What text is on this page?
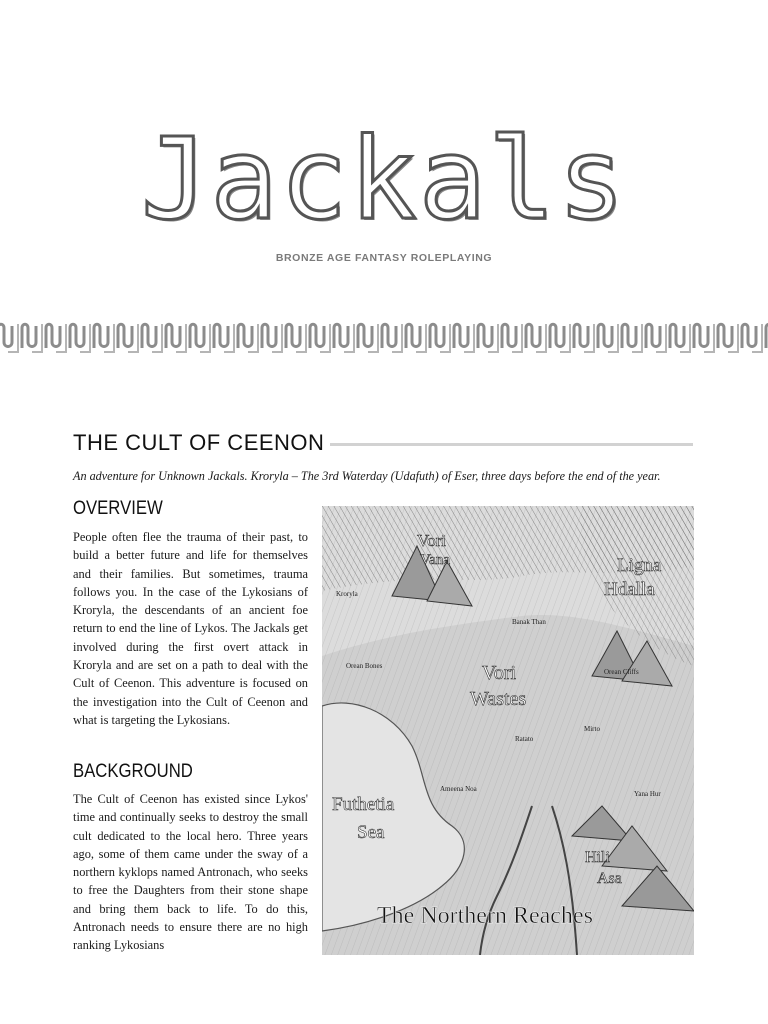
Jackals
BRONZE AGE FANTASY ROLEPLAYING
THE CULT OF CEENON
An adventure for Unknown Jackals. Kroryla – The 3rd Waterday (Udafuth) of Eser, three days before the end of the year.
OVERVIEW

People often flee the trauma of their past, to build a better future and life for themselves and their families. But sometimes, trauma follows you. In the case of the Lykosians of Kroryla, the descendants of an ancient foe return to end the line of Lykos. The Jackals get involved during the first overt attack in Kroryla and are set on a path to deal with the Cult of Ceenon. This adventure is focused on the investigation into the Cult of Ceenon and what is targeting the Lykosians.

BACKGROUND

The Cult of Ceenon has existed since Lykos' time and continually seeks to destroy the small cult dedicated to the local hero. Three years ago, some of them came under the sway of a northern kyklops named Antronach, who seeks to free the Daughters from their stone shape and bring them back to life. To do this, Antronach needs to ensure there are no high ranking Lykosians

Vori
Vana	Ligna
Hdalla
Vori
Wastes
Futhetia
Sea
Hili
Asa
Kroryla
Banak Than
Orean Bones
Orean Cliffs
Ratato
Mirto
Ameena Noa
Yana Hur
The Northern Reaches
